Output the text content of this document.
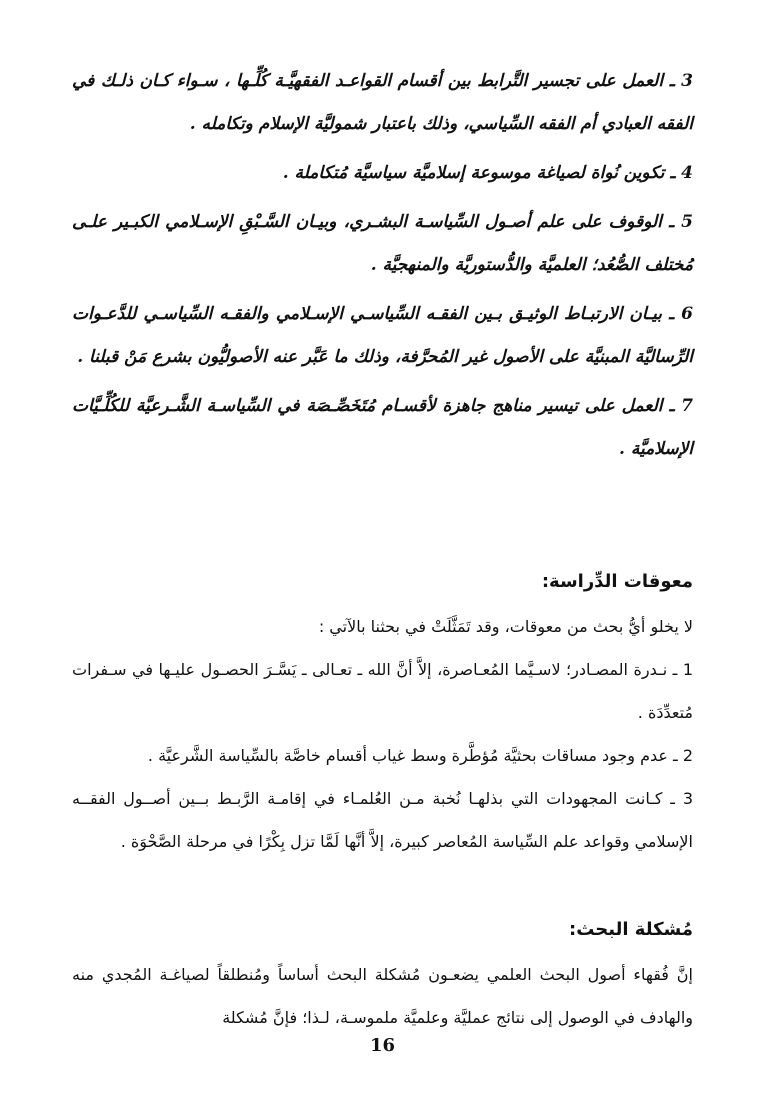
3 ـ العمل على تجسير التَّرابط بين أقسام القواعـد الفقهيَّـة كُلِّـها ، سـواء كـان ذلـك في الفقه العبادي أم الفقه السِّياسي، وذلك باعتبار شموليَّة الإسلام وتكامله .

4 ـ تكوين نُواة لصياغة موسوعة إسلاميَّة سياسيَّة مُتكاملة .

5 ـ الوقوف على علم أصـول السِّياسـة البشـري، وبيـان السَّـبْقِ الإسـلامي الكبـير علـى مُختلف الصُّعُد؛ العلميَّة والدُّستوريَّة والمنهجيَّة .

6 ـ بيـان الارتبـاط الوثيـق بـين الفقـه السِّياسـي الإسـلامي والفقـه السِّياسـي للدَّعـوات الرِّساليَّة المبنيَّة على الأصول غير المُحرَّفة، وذلك ما عَبَّر عنه الأصوليُّون بشرع مَنْ قبلنا .

7 ـ العمل على تيسير مناهج جاهزة لأقسـام مُتَخَصِّـصَة في السِّياسـة الشَّـرعيَّة للكُلِّـيَّات الإسلاميَّة .

معوقات الدِّراسة:

لا يخلو أيُّ بحث من معوقات، وقد تَمَثَّلَتْ في بحثنا بالآتي :

1 ـ نـدرة المصـادر؛ لاسـيَّما المُعـاصرة، إلاَّ أنَّ الله ـ تعـالى ـ يَسَّـرَ الحصـول عليـها في سـفرات مُتعدِّدَة .

2 ـ عدم وجود مساقات بحثيَّة مُؤطَّرة وسط غياب أقسام خاصَّة بالسِّياسة الشَّرعيَّة .

3 ـ كـانت المجهودات التي بذلهـا نُخبة مـن العُلمـاء في إقامـة الرَّبـط بــين أصــول الفقــه الإسلامي وقواعد علم السِّياسة المُعاصر كبيرة، إلاَّ أنَّها لَمَّا تزل بِكْرًا في مرحلة الصَّحْوَة .

مُشكلة البحث:

إنَّ فُقهاء أصول البحث العلمي يضعـون مُشكلة البحث أساساً ومُنطلقاً لصياغـة المُجدي منه والهادف في الوصول إلى نتائج عمليَّة وعلميَّة ملموسـة، لـذا؛ فإنَّ مُشكلة

16
